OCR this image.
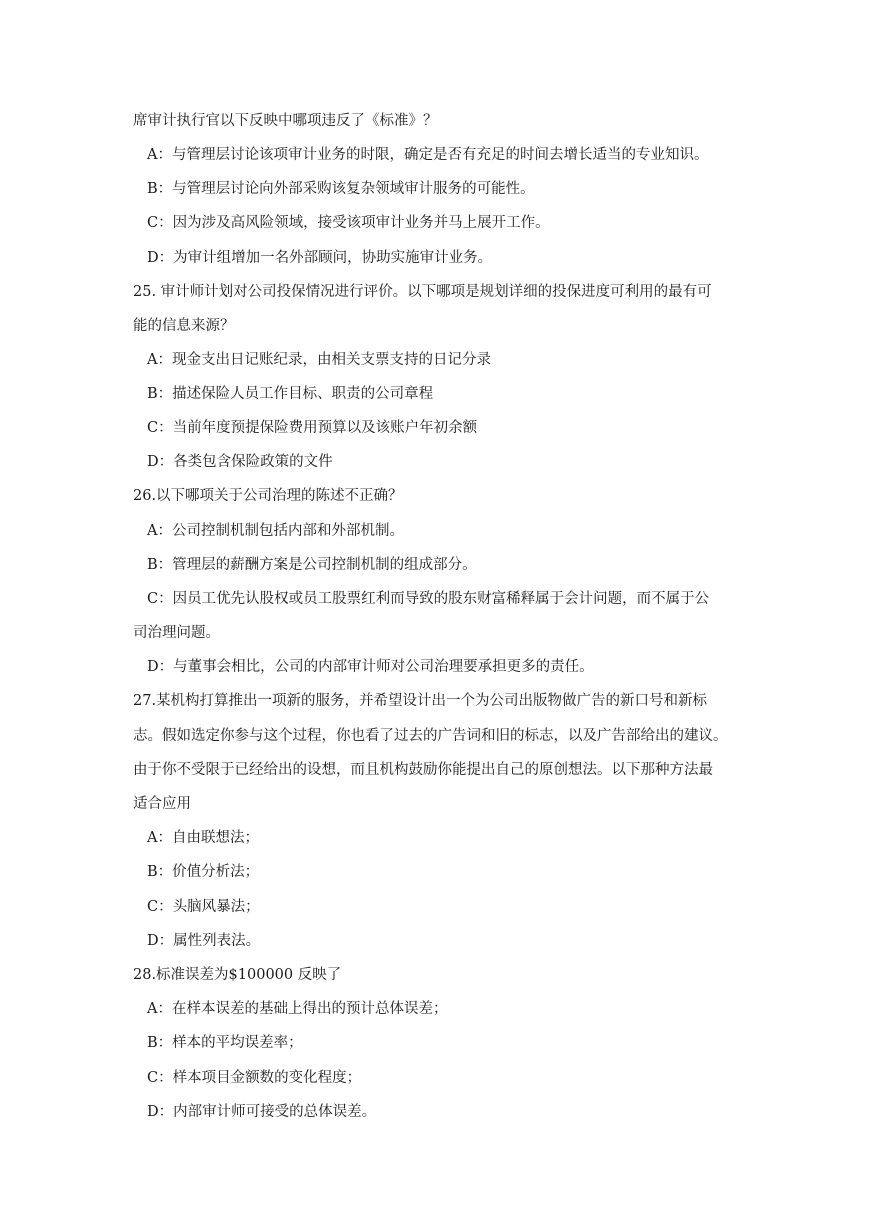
席审计执行官以下反映中哪项违反了《标准》？
A：与管理层讨论该项审计业务的时限，确定是否有充足的时间去增长适当的专业知识。
B：与管理层讨论向外部采购该复杂领域审计服务的可能性。
C：因为涉及高风险领域，接受该项审计业务并马上展开工作。
D：为审计组增加一名外部顾问，协助实施审计业务。
25. 审计师计划对公司投保情况进行评价。以下哪项是规划详细的投保进度可利用的最有可
能的信息来源？
A：现金支出日记账纪录，由相关支票支持的日记分录
B：描述保险人员工作目标、职责的公司章程
C：当前年度预提保险费用预算以及该账户年初余额
D：各类包含保险政策的文件
26.以下哪项关于公司治理的陈述不正确？
A：公司控制机制包括内部和外部机制。
B：管理层的薪酬方案是公司控制机制的组成部分。
C：因员工优先认股权或员工股票红利而导致的股东财富稀释属于会计问题，而不属于公
司治理问题。
D：与董事会相比，公司的内部审计师对公司治理要承担更多的责任。
27.某机构打算推出一项新的服务，并希望设计出一个为公司出版物做广告的新口号和新标
志。假如选定你参与这个过程，你也看了过去的广告词和旧的标志，以及广告部给出的建议。
由于你不受限于已经给出的设想，而且机构鼓励你能提出自己的原创想法。以下那种方法最
适合应用
A：自由联想法；
B：价值分析法；
C：头脑风暴法；
D：属性列表法。
28.标准误差为$100000 反映了
A：在样本误差的基础上得出的预计总体误差；
B：样本的平均误差率；
C：样本项目金额数的变化程度；
D：内部审计师可接受的总体误差。
